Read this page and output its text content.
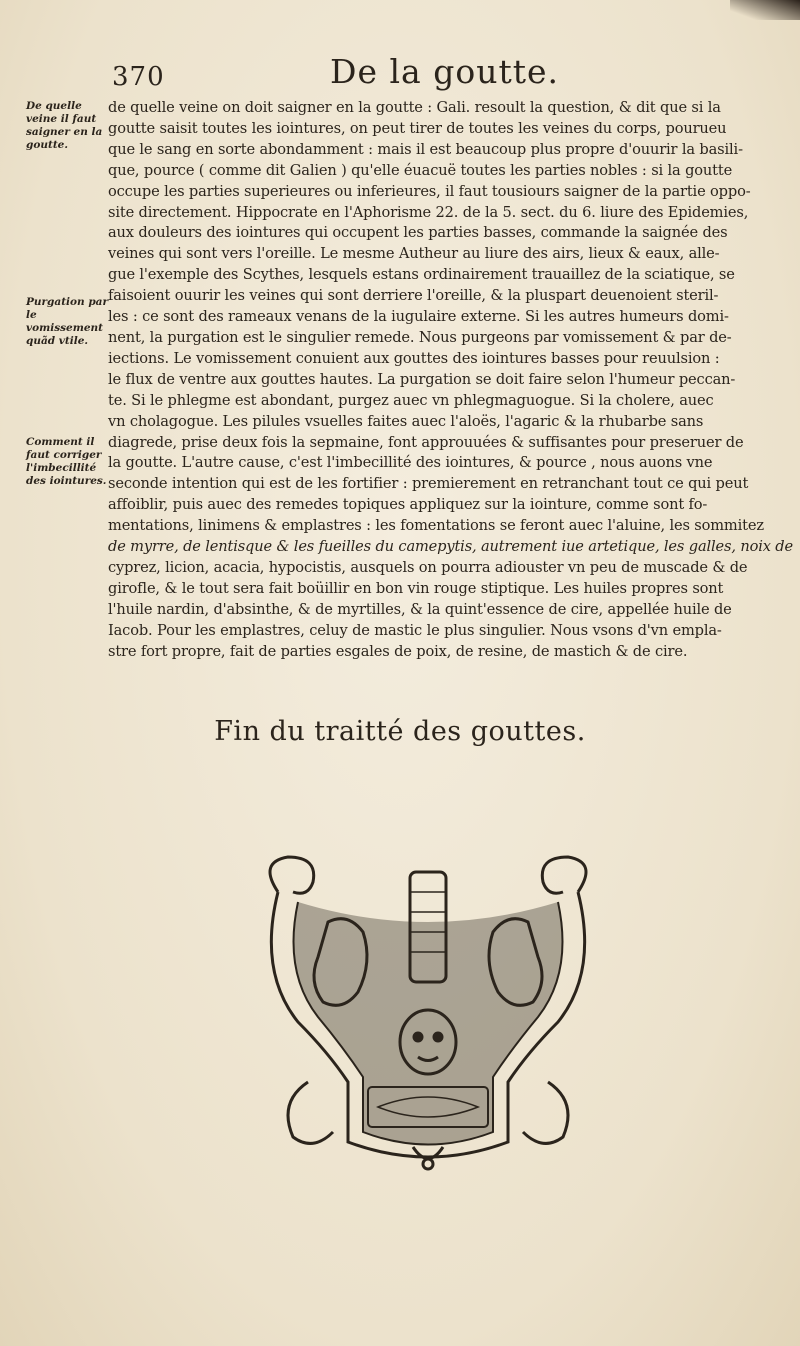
370	De la goutte.
De quelle veine il faut saigner en la goutte.
Purgation par le vomissement quãd vtile.
Comment il faut corriger l'imbecillité des iointures.
de quelle veine on doit saigner en la goutte : Gali. resoult la question, & dit que si la
goutte saisit toutes les iointures, on peut tirer de toutes les veines du corps, pourueu
que le sang en sorte abondamment : mais il est beaucoup plus propre d'ouurir la basili-
que, pource ( comme dit Galien ) qu'elle éuacuë toutes les parties nobles : si la goutte
occupe les parties superieures ou inferieures, il faut tousiours saigner de la partie oppo-
site directement. Hippocrate en l'Aphorisme 22. de la 5. sect. du 6. liure des Epidemies,
aux douleurs des iointures qui occupent les parties basses, commande la saignée des
veines qui sont vers l'oreille. Le mesme Autheur au liure des airs, lieux & eaux, alle-
gue l'exemple des Scythes, lesquels estans ordinairement trauaillez de la sciatique, se
faisoient ouurir les veines qui sont derriere l'oreille, & la pluspart deuenoient steril-
les : ce sont des rameaux venans de la iugulaire externe. Si les autres humeurs domi-
nent, la purgation est le singulier remede. Nous purgeons par vomissement & par de-
iections. Le vomissement conuient aux gouttes des iointures basses pour reuulsion :
le flux de ventre aux gouttes hautes. La purgation se doit faire selon l'humeur peccan-
te. Si le phlegme est abondant, purgez auec vn phlegmaguogue. Si la cholere, auec
vn cholagogue. Les pilules vsuelles faites auec l'aloës, l'agaric & la rhubarbe sans
diagrede, prise deux fois la sepmaine, font approuuées & suffisantes pour preseruer de
la goutte. L'autre cause, c'est l'imbecillité des iointures, & pource , nous auons vne
seconde intention qui est de les fortifier : premierement en retranchant tout ce qui peut
affoiblir, puis auec des remedes topiques appliquez sur la iointure, comme sont fo-
mentations, linimens & emplastres : les fomentations se feront auec l'aluine, les sommitez
de myrre, de lentisque & les fueilles du camepytis, autrement iue artetique, les galles, noix de
cyprez, licion, acacia, hypocistis, ausquels on pourra adiouster vn peu de muscade & de
girofle, & le tout sera fait boüillir en bon vin rouge stiptique. Les huiles propres sont
l'huile nardin, d'absinthe, & de myrtilles, & la quint'essence de cire, appellée huile de
Iacob. Pour les emplastres, celuy de mastic le plus singulier. Nous vsons d'vn empla-
stre fort propre, fait de parties esgales de poix, de resine, de mastich & de cire.
Fin du traitté des gouttes.
